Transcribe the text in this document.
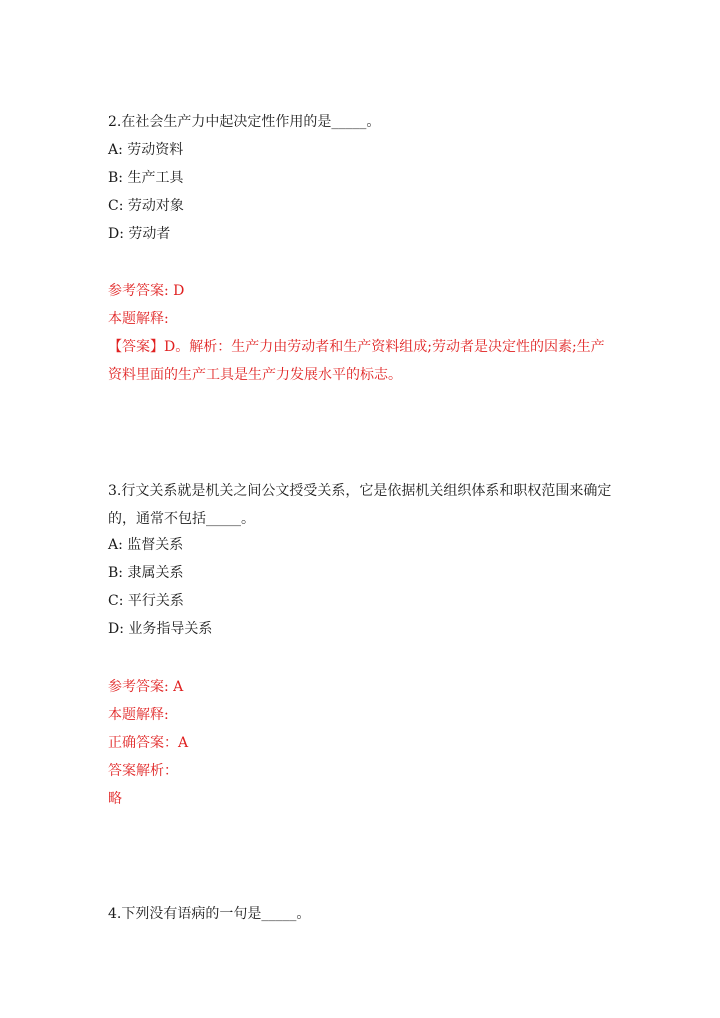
2.在社会生产力中起决定性作用的是_____。
A: 劳动资料
B: 生产工具
C: 劳动对象
D: 劳动者
参考答案: D
本题解释:
【答案】D。解析：生产力由劳动者和生产资料组成;劳动者是决定性的因素;生产资料里面的生产工具是生产力发展水平的标志。
3.行文关系就是机关之间公文授受关系，它是依据机关组织体系和职权范围来确定的，通常不包括_____。
A: 监督关系
B: 隶属关系
C: 平行关系
D: 业务指导关系
参考答案: A
本题解释:
正确答案：A
答案解析：
略
4.下列没有语病的一句是_____。
